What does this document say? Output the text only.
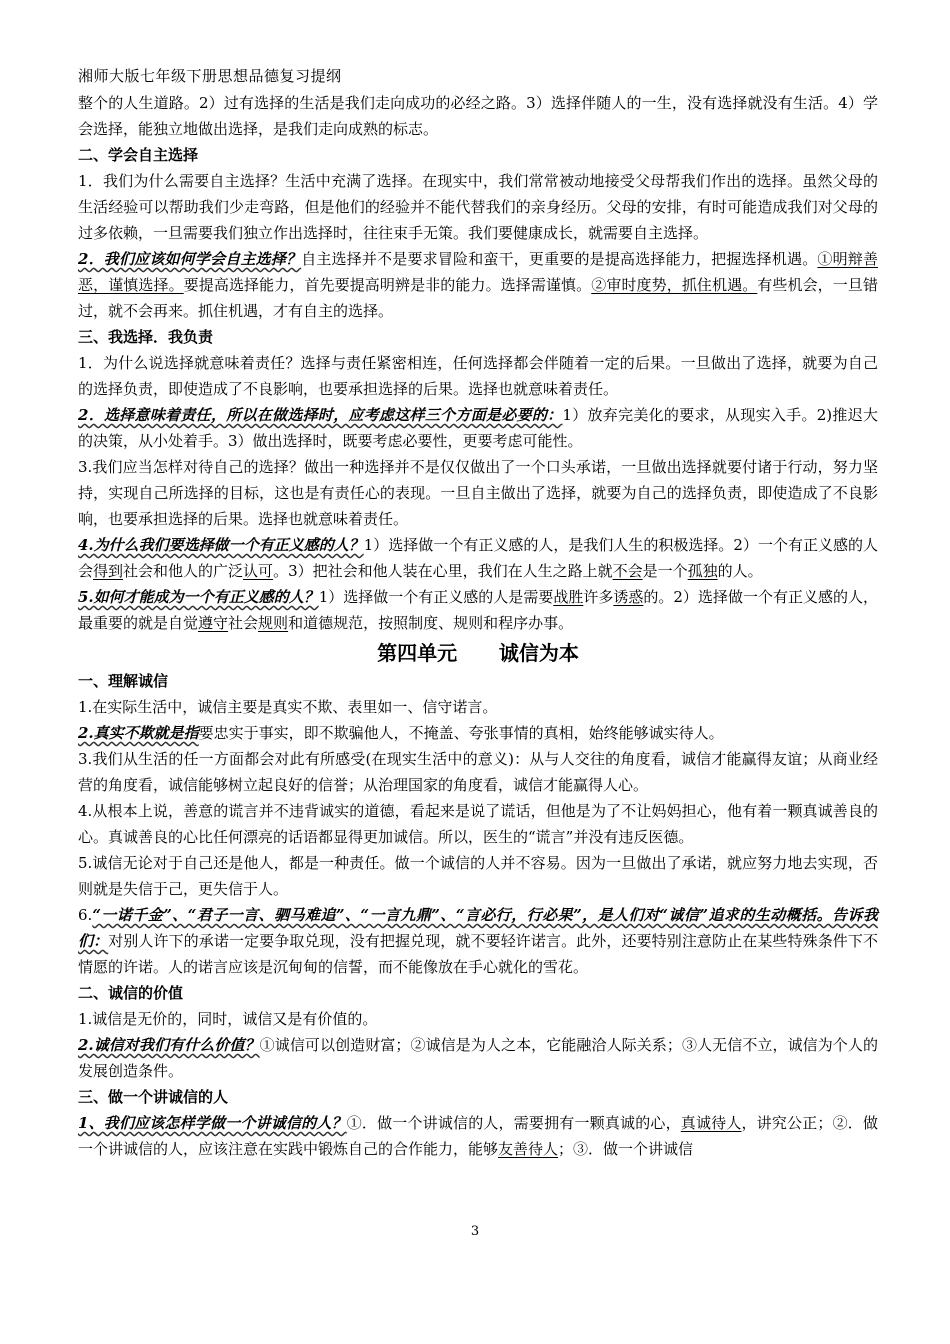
湘师大版七年级下册思想品德复习提纲
整个的人生道路。2）过有选择的生活是我们走向成功的必经之路。3）选择伴随人的一生，没有选择就没有生活。4）学会选择，能独立地做出选择，是我们走向成熟的标志。
二、学会自主选择
1．我们为什么需要自主选择？生活中充满了选择。在现实中，我们常常被动地接受父母帮我们作出的选择。虽然父母的生活经验可以帮助我们少走弯路，但是他们的经验并不能代替我们的亲身经历。父母的安排，有时可能造成我们对父母的过多依赖，一旦需要我们独立作出选择时，往往束手无策。我们要健康成长，就需要自主选择。
2．我们应该如何学会自主选择？自主选择并不是要求冒险和蛮干，更重要的是提高选择能力，把握选择机遇。①明辩善恶，谨慎选择。要提高选择能力，首先要提高明辨是非的能力。选择需谨慎。②审时度势，抓住机遇。有些机会，一旦错过，就不会再来。抓住机遇，才有自主的选择。
三、我选择．我负责
1．为什么说选择就意味着责任？选择与责任紧密相连，任何选择都会伴随着一定的后果。一旦做出了选择，就要为自己的选择负责，即使造成了不良影响，也要承担选择的后果。选择也就意味着责任。
2．选择意味着责任，所以在做选择时，应考虑这样三个方面是必要的：1）放弃完美化的要求，从现实入手。2)推迟大的决策，从小处着手。3）做出选择时，既要考虑必要性，更要考虑可能性。
3.我们应当怎样对待自己的选择？做出一种选择并不是仅仅做出了一个口头承诺，一旦做出选择就要付诸于行动，努力坚持，实现自己所选择的目标，这也是有责任心的表现。一旦自主做出了选择，就要为自己的选择负责，即使造成了不良影响，也要承担选择的后果。选择也就意味着责任。
4.为什么我们要选择做一个有正义感的人？1）选择做一个有正义感的人，是我们人生的积极选择。2）一个有正义感的人会得到社会和他人的广泛认可。3）把社会和他人装在心里，我们在人生之路上就不会是一个孤独的人。
5.如何才能成为一个有正义感的人？1）选择做一个有正义感的人是需要战胜许多诱惑的。2）选择做一个有正义感的人，最重要的就是自觉遵守社会规则和道德规范，按照制度、规则和程序办事。
第四单元      诚信为本
一、理解诚信
1.在实际生活中，诚信主要是真实不欺、表里如一、信守诺言。
2.真实不欺就是指要忠实于事实，即不欺骗他人，不掩盖、夸张事情的真相，始终能够诚实待人。
3.我们从生活的任一方面都会对此有所感受(在现实生活中的意义)：从与人交往的角度看，诚信才能赢得友谊；从商业经营的角度看，诚信能够树立起良好的信誉；从治理国家的角度看，诚信才能赢得人心。
4.从根本上说，善意的谎言并不违背诚实的道德，看起来是说了谎话，但他是为了不让妈妈担心，他有着一颗真诚善良的心。真诚善良的心比任何漂亮的话语都显得更加诚信。所以，医生的“谎言”并没有违反医德。
5.诚信无论对于自己还是他人，都是一种责任。做一个诚信的人并不容易。因为一旦做出了承诺，就应努力地去实现，否则就是失信于己，更失信于人。
6.“一诺千金”、“君子一言、驷马难追”、“一言九鼎”、“言必行，行必果”，是人们对“诚信”追求的生动概括。告诉我们：对别人许下的承诺一定要争取兑现，没有把握兑现，就不要轻许诺言。此外，还要特别注意防止在某些特殊条件下不情愿的许诺。人的诺言应该是沉甸甸的信誓，而不能像放在手心就化的雪花。
二、诚信的价值
1.诚信是无价的，同时，诚信又是有价值的。
2.诚信对我们有什么价值？①诚信可以创造财富；②诚信是为人之本，它能融洽人际关系；③人无信不立，诚信为个人的发展创造条件。
三、做一个讲诚信的人
1、我们应该怎样学做一个讲诚信的人？①．做一个讲诚信的人，需要拥有一颗真诚的心，真诚待人，讲究公正；②．做一个讲诚信的人，应该注意在实践中锻炼自己的合作能力，能够友善待人；③．做一个讲诚信
3
